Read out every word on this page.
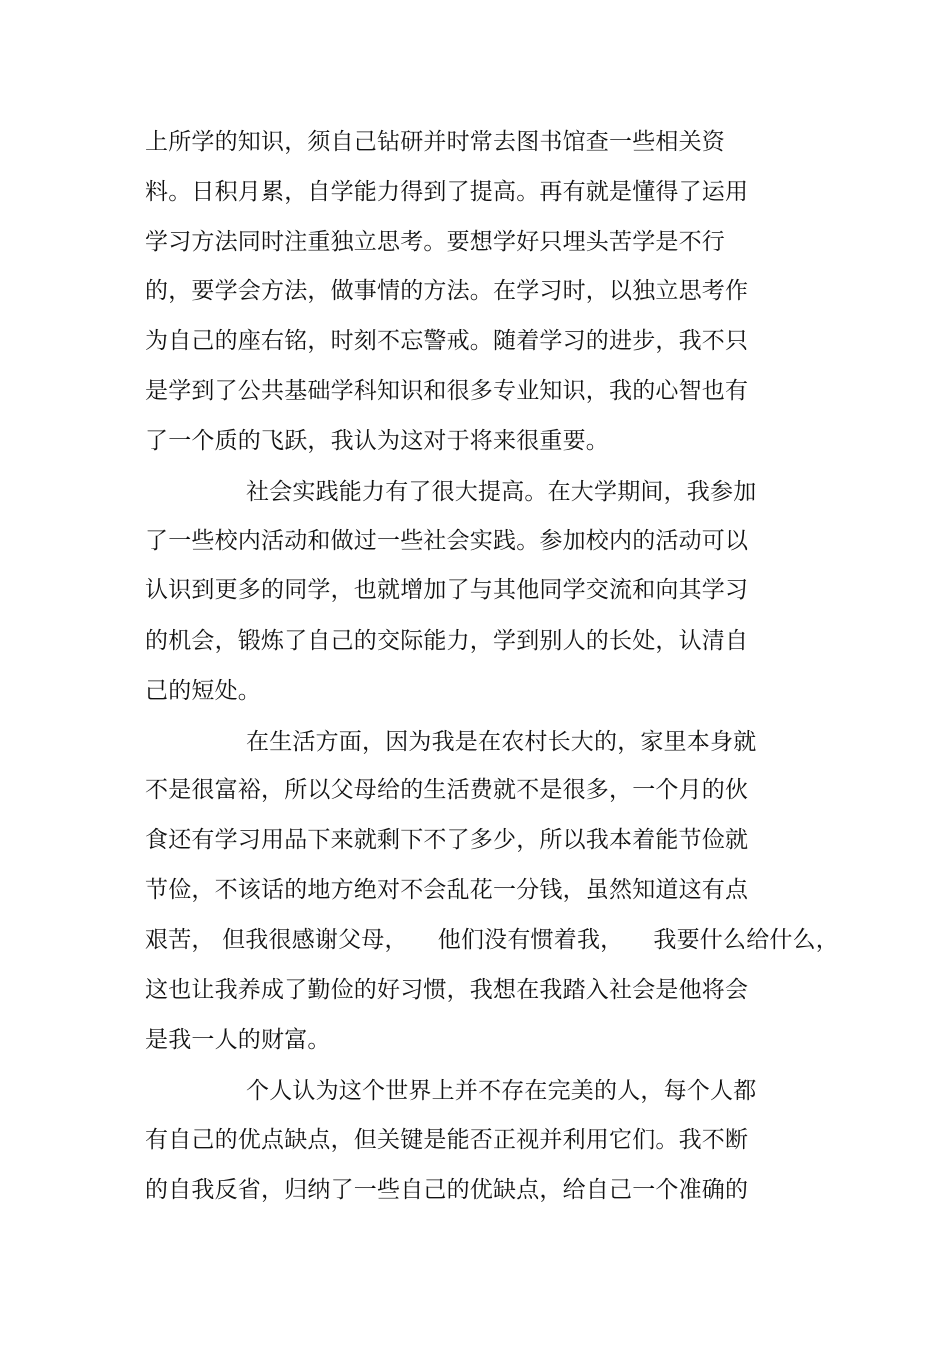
上所学的知识，须自己钻研并时常去图书馆查一些相关资
料。日积月累，自学能力得到了提高。再有就是懂得了运用
学习方法同时注重独立思考。要想学好只埋头苦学是不行
的，要学会方法，做事情的方法。在学习时，以独立思考作
为自己的座右铭，时刻不忘警戒。随着学习的进步，我不只
是学到了公共基础学科知识和很多专业知识，我的心智也有
了一个质的飞跃，我认为这对于将来很重要。
社会实践能力有了很大提高。在大学期间，我参加
了一些校内活动和做过一些社会实践。参加校内的活动可以
认识到更多的同学，也就增加了与其他同学交流和向其学习
的机会，锻炼了自己的交际能力，学到别人的长处，认清自
己的短处。
在生活方面，因为我是在农村长大的，家里本身就
不是很富裕，所以父母给的生活费就不是很多，一个月的伙
食还有学习用品下来就剩下不了多少，所以我本着能节俭就
节俭，不该话的地方绝对不会乱花一分钱，虽然知道这有点
艰苦， 但我很感谢父母，    他们没有惯着我，    我要什么给什么，
这也让我养成了勤俭的好习惯，我想在我踏入社会是他将会
是我一人的财富。
个人认为这个世界上并不存在完美的人，每个人都
有自己的优点缺点，但关键是能否正视并利用它们。我不断
的自我反省，归纳了一些自己的优缺点，给自己一个准确的
